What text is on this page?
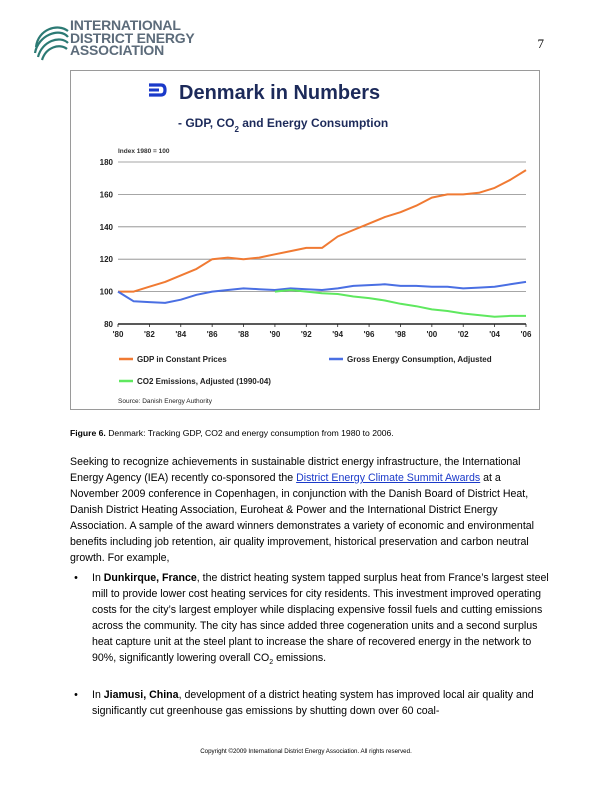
INTERNATIONAL
DISTRICT ENERGY
ASSOCIATION	7
Denmark in Numbers
- GDP, $CO_2$ and Energy Consumption
Index 1980 = 100
80
100
120
140
160
180
'80	'82	'84	'86	'88	'90	'92	'94	'96	'98	'00	'02	'04	'06
GDP in Constant Prices	Gross Energy Consumption, Adjusted
CO2 Emissions, Adjusted (1990-04)
Source: Danish Energy Authority
Figure 6. Denmark: Tracking GDP, CO2 and energy consumption from 1980 to 2006.
Seeking to recognize achievements in sustainable district energy infrastructure, the International Energy Agency (IEA) recently co-sponsored the District Energy Climate Summit Awards at a November 2009 conference in Copenhagen, in conjunction with the Danish Board of District Heat, Danish District Heating Association, Euroheat & Power and the International District Energy Association. A sample of the award winners demonstrates a variety of economic and environmental benefits including job retention, air quality improvement, historical preservation and carbon neutral growth. For example,
•	In Dunkirque, France, the district heating system tapped surplus heat from France’s largest steel mill to provide lower cost heating services for city residents. This investment improved operating costs for the city’s largest employer while displacing expensive fossil fuels and cutting emissions across the community. The city has since added three cogeneration units and a second surplus heat capture unit at the steel plant to increase the share of recovered energy in the network to 90%, significantly lowering overall $CO_2$ emissions.
•	In Jiamusi, China, development of a district heating system has improved local air quality and significantly cut greenhouse gas emissions by shutting down over 60 coal-
Copyright ©2009 International District Energy Association. All rights reserved.
